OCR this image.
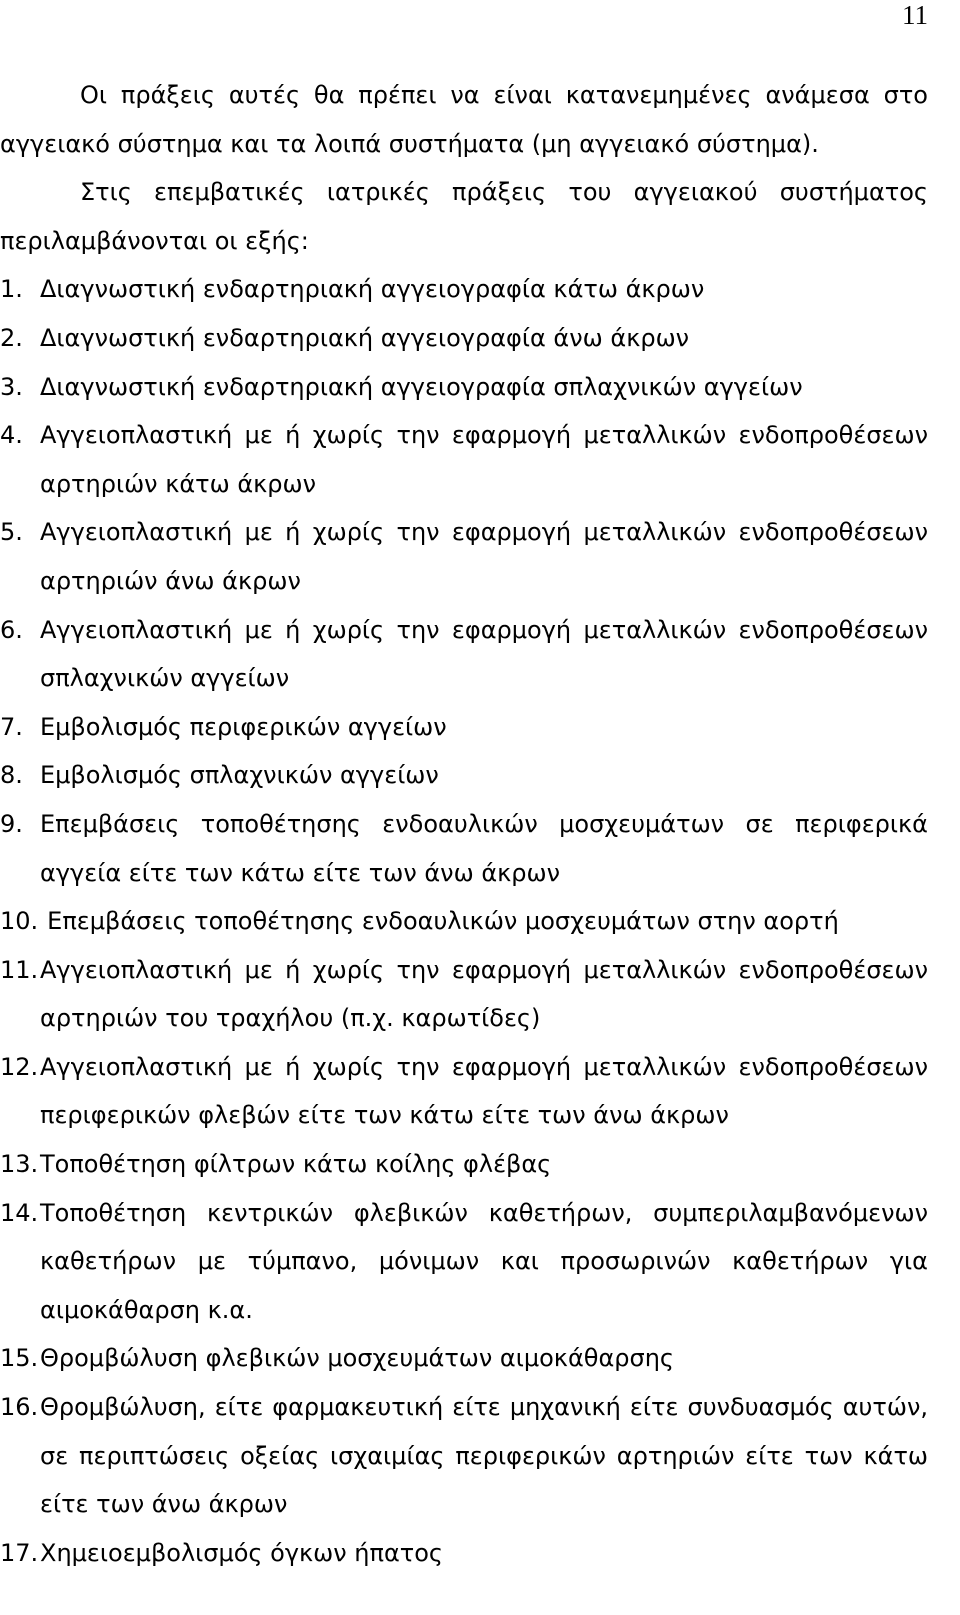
11

Οι πράξεις αυτές θα πρέπει να είναι κατανεμημένες ανάμεσα στο αγγειακό σύστημα και τα λοιπά συστήματα (μη αγγειακό σύστημα).

Στις επεμβατικές ιατρικές πράξεις του αγγειακού συστήματος περιλαμβάνονται οι εξής:

1. Διαγνωστική ενδαρτηριακή αγγειογραφία κάτω άκρων
2. Διαγνωστική ενδαρτηριακή αγγειογραφία άνω άκρων
3. Διαγνωστική ενδαρτηριακή αγγειογραφία σπλαχνικών αγγείων
4. Αγγειοπλαστική με ή χωρίς την εφαρμογή μεταλλικών ενδοπροθέσεων αρτηριών κάτω άκρων
5. Αγγειοπλαστική με ή χωρίς την εφαρμογή μεταλλικών ενδοπροθέσεων αρτηριών άνω άκρων
6. Αγγειοπλαστική με ή χωρίς την εφαρμογή μεταλλικών ενδοπροθέσεων σπλαχνικών αγγείων
7. Εμβολισμός περιφερικών αγγείων
8. Εμβολισμός σπλαχνικών αγγείων
9. Επεμβάσεις τοποθέτησης ενδοαυλικών μοσχευμάτων σε περιφερικά αγγεία είτε των κάτω είτε των άνω άκρων
10. Επεμβάσεις τοποθέτησης ενδοαυλικών μοσχευμάτων στην αορτή
11. Αγγειοπλαστική με ή χωρίς την εφαρμογή μεταλλικών ενδοπροθέσεων αρτηριών του τραχήλου (π.χ. καρωτίδες)
12. Αγγειοπλαστική με ή χωρίς την εφαρμογή μεταλλικών ενδοπροθέσεων περιφερικών φλεβών είτε των κάτω είτε των άνω άκρων
13. Τοποθέτηση φίλτρων κάτω κοίλης φλέβας
14. Τοποθέτηση κεντρικών φλεβικών καθετήρων, συμπεριλαμβανόμενων καθετήρων με τύμπανο, μόνιμων και προσωρινών καθετήρων για αιμοκάθαρση κ.α.
15. Θρομβώλυση φλεβικών μοσχευμάτων αιμοκάθαρσης
16. Θρομβώλυση, είτε φαρμακευτική είτε μηχανική είτε συνδυασμός αυτών, σε περιπτώσεις οξείας ισχαιμίας περιφερικών αρτηριών είτε των κάτω είτε των άνω άκρων
17. Χημειοεμβολισμός όγκων ήπατος
